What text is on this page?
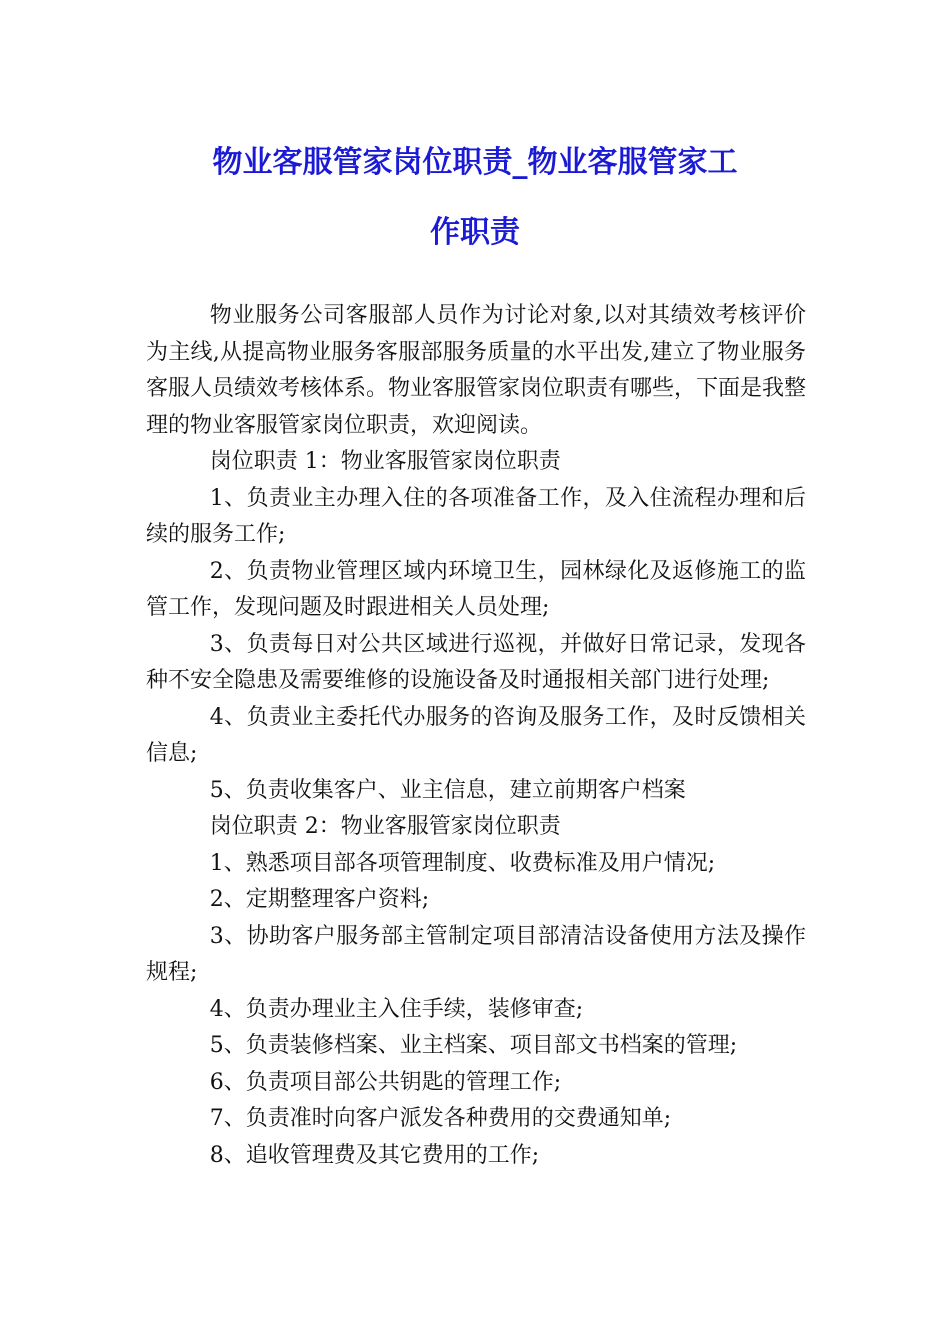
物业客服管家岗位职责_物业客服管家工
作职责

物业服务公司客服部人员作为讨论对象,以对其绩效考核评价为主线,从提高物业服务客服部服务质量的水平出发,建立了物业服务客服人员绩效考核体系。物业客服管家岗位职责有哪些，下面是我整理的物业客服管家岗位职责，欢迎阅读。

岗位职责 1：物业客服管家岗位职责

1、负责业主办理入住的各项准备工作，及入住流程办理和后续的服务工作;

2、负责物业管理区域内环境卫生，园林绿化及返修施工的监管工作，发现问题及时跟进相关人员处理;

3、负责每日对公共区域进行巡视，并做好日常记录，发现各种不安全隐患及需要维修的设施设备及时通报相关部门进行处理;

4、负责业主委托代办服务的咨询及服务工作，及时反馈相关信息;

5、负责收集客户、业主信息，建立前期客户档案

岗位职责 2：物业客服管家岗位职责

1、熟悉项目部各项管理制度、收费标准及用户情况;

2、定期整理客户资料;

3、协助客户服务部主管制定项目部清洁设备使用方法及操作规程;

4、负责办理业主入住手续，装修审查;

5、负责装修档案、业主档案、项目部文书档案的管理;

6、负责项目部公共钥匙的管理工作;

7、负责准时向客户派发各种费用的交费通知单;

8、追收管理费及其它费用的工作;
